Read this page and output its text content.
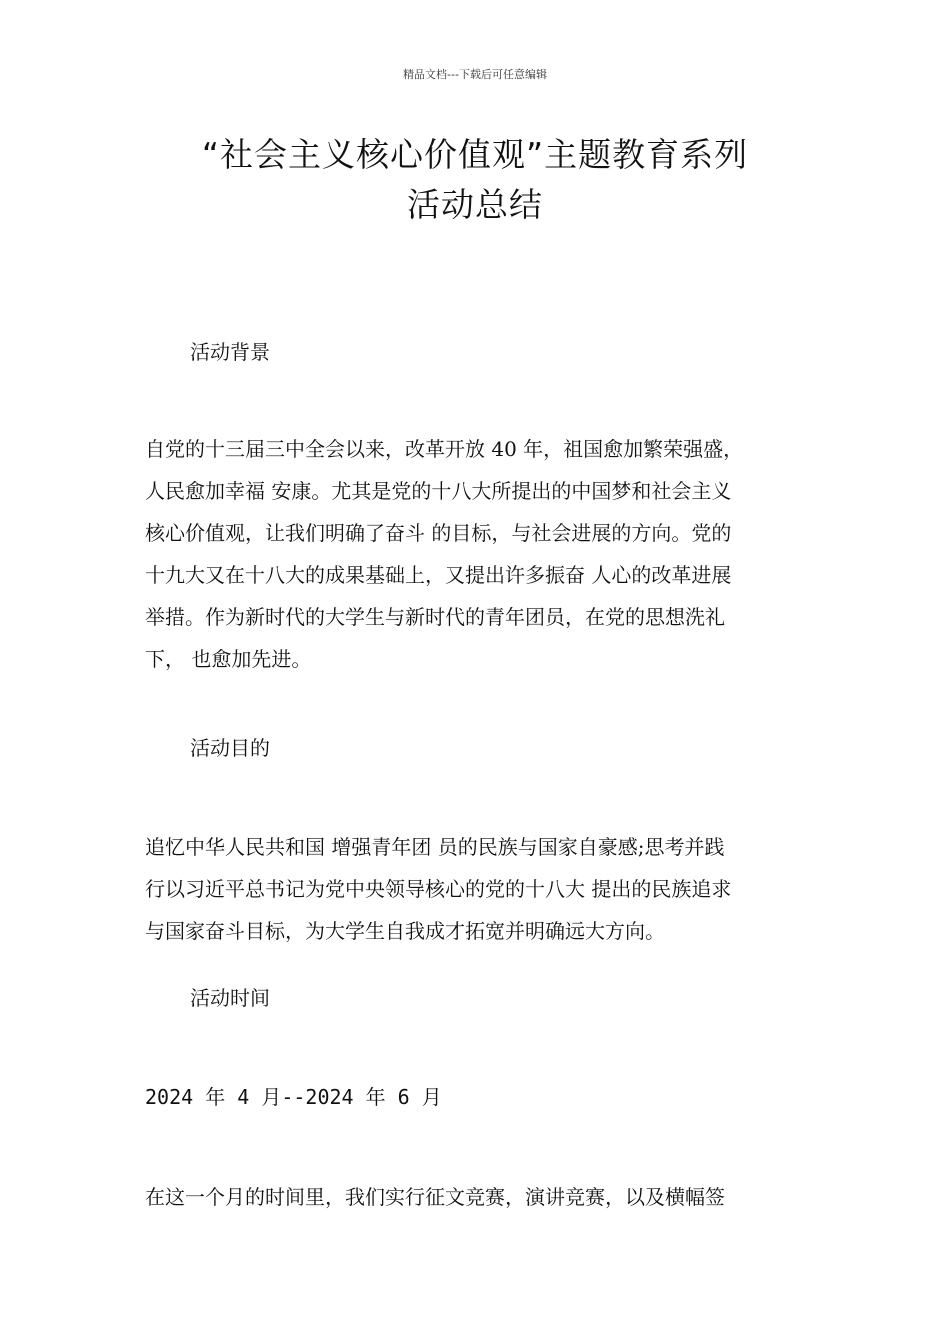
精品文档---下载后可任意编辑
“社会主义核心价值观”主题教育系列
活动总结
活动背景
自党的十三届三中全会以来，改革开放 40 年，祖国愈加繁荣强盛，
人民愈加幸福 安康。尤其是党的十八大所提出的中国梦和社会主义
核心价值观，让我们明确了奋斗 的目标，与社会进展的方向。党的
十九大又在十八大的成果基础上，又提出许多振奋 人心的改革进展
举措。作为新时代的大学生与新时代的青年团员，在党的思想洗礼
下， 也愈加先进。
活动目的
追忆中华人民共和国 增强青年团 员的民族与国家自豪感;思考并践
行以习近平总书记为党中央领导核心的党的十八大 提出的民族追求
与国家奋斗目标，为大学生自我成才拓宽并明确远大方向。
活动时间
2024 年 4 月--2024 年 6 月
在这一个月的时间里，我们实行征文竞赛，演讲竞赛，以及横幅签
